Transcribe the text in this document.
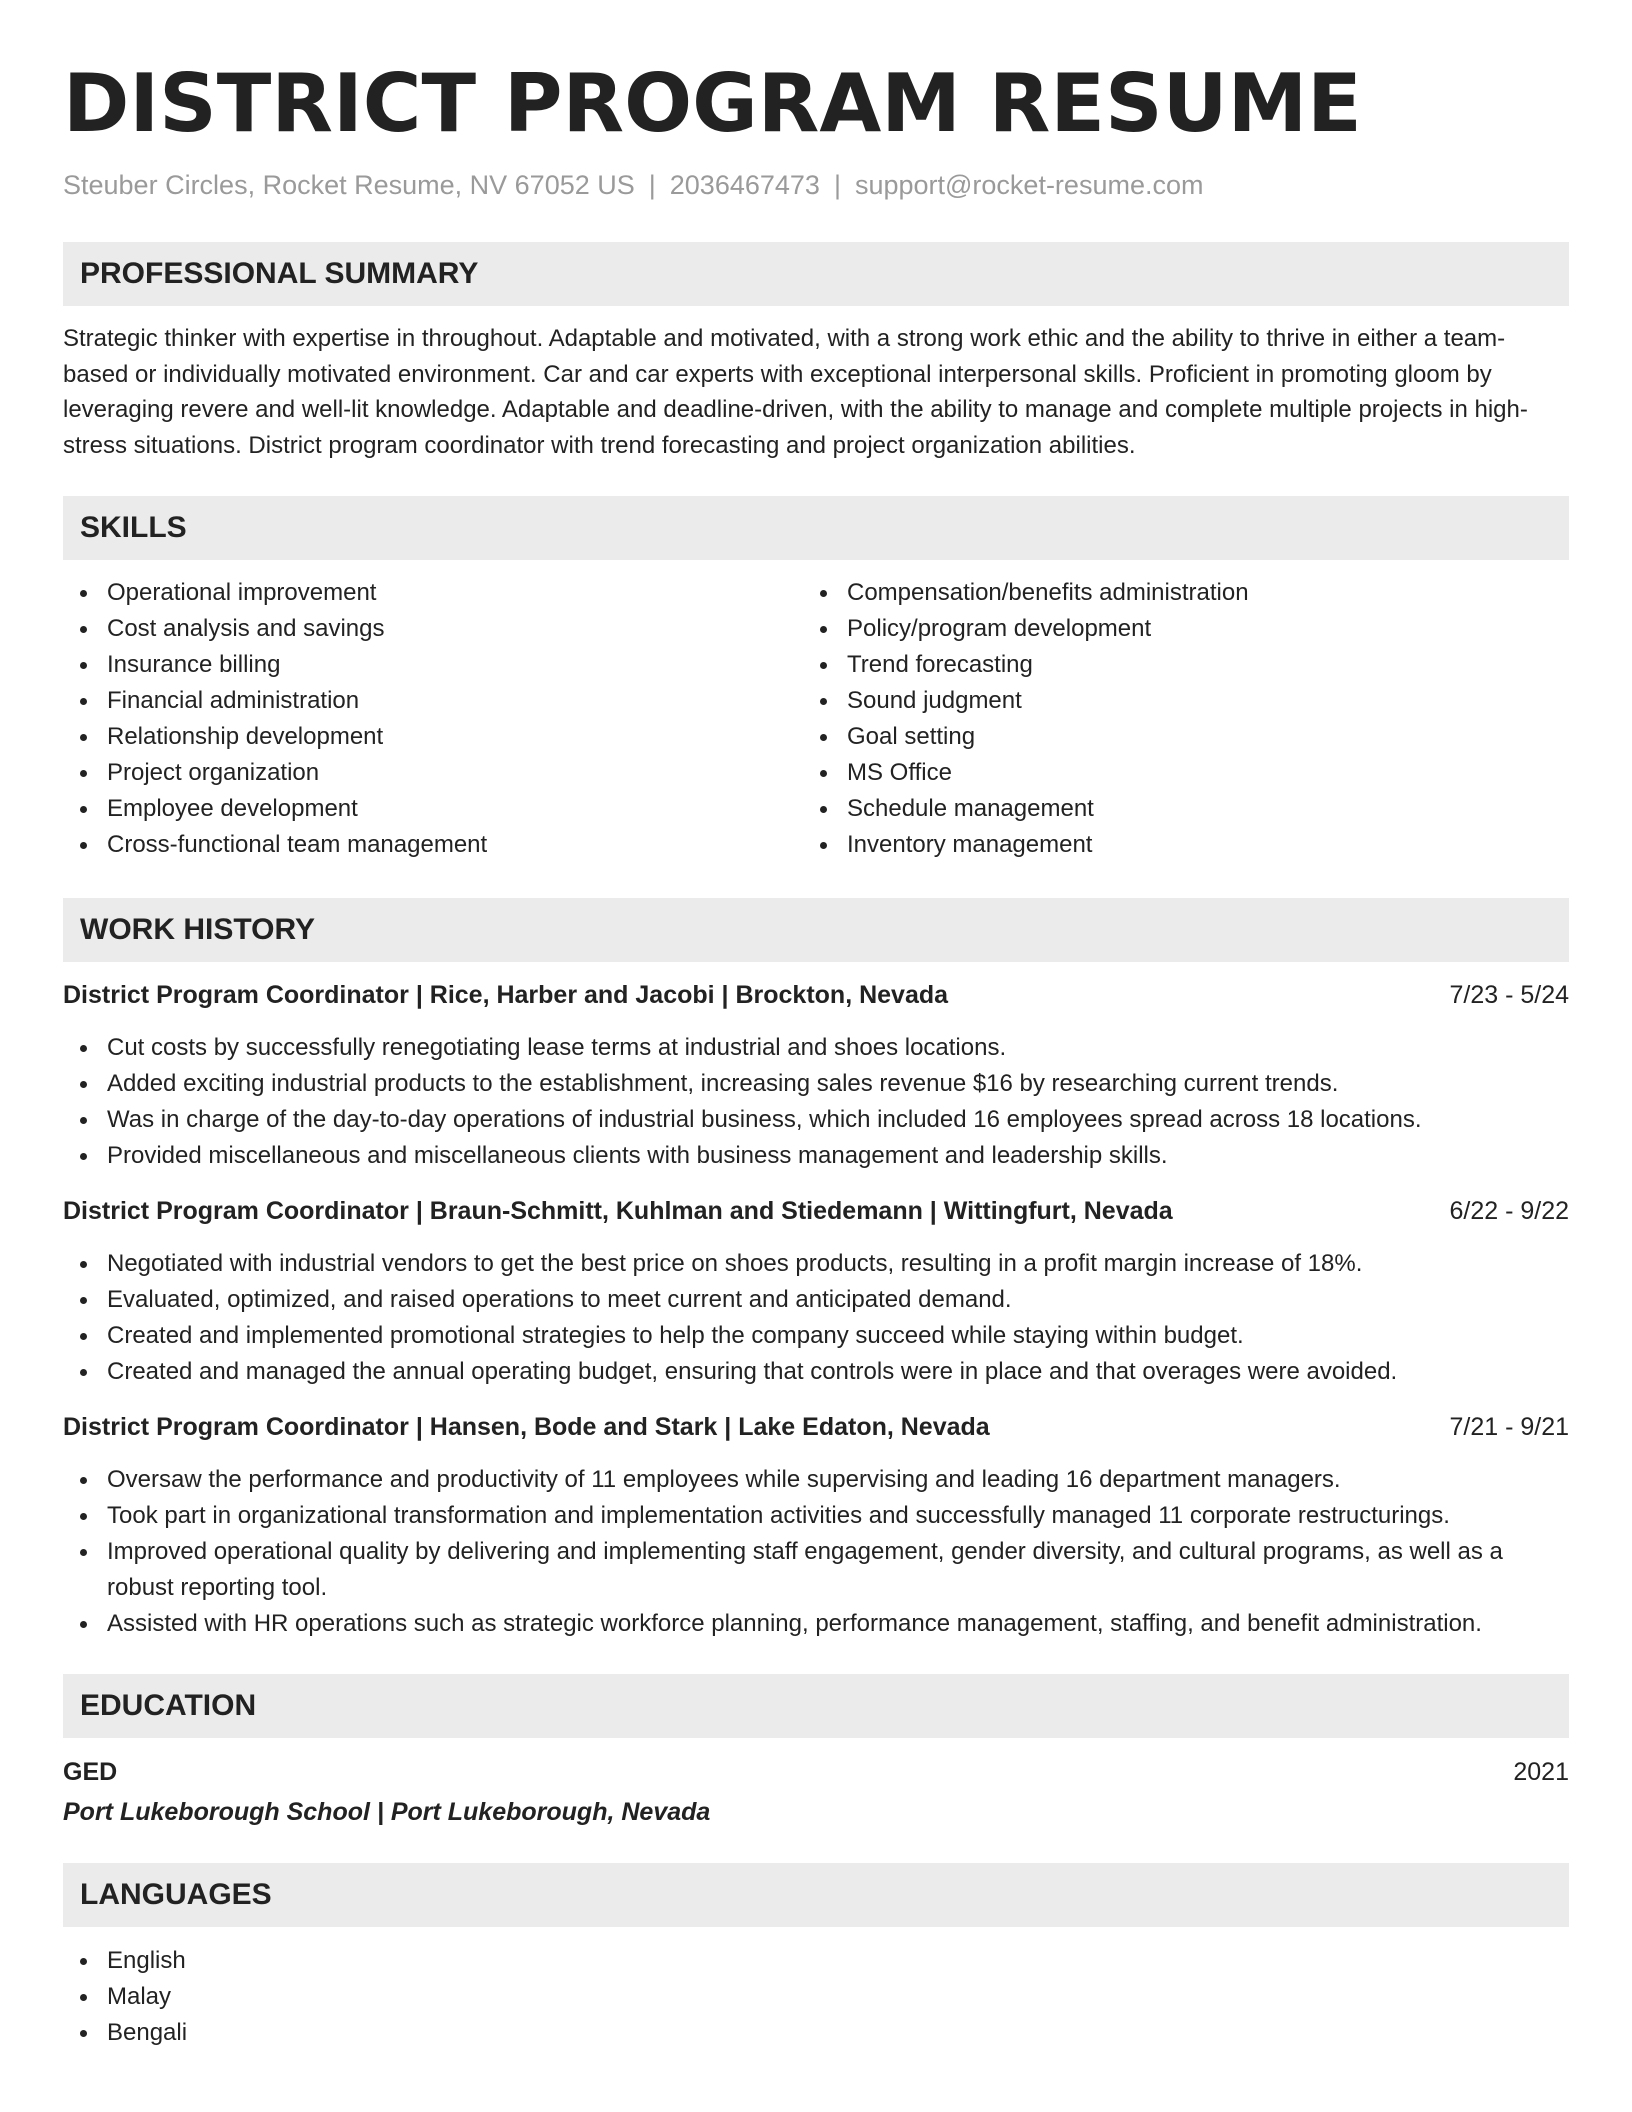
DISTRICT PROGRAM RESUME
Steuber Circles, Rocket Resume, NV 67052 US | 2036467473 | support@rocket-resume.com
PROFESSIONAL SUMMARY
Strategic thinker with expertise in throughout. Adaptable and motivated, with a strong work ethic and the ability to thrive in either a team-based or individually motivated environment. Car and car experts with exceptional interpersonal skills. Proficient in promoting gloom by leveraging revere and well-lit knowledge. Adaptable and deadline-driven, with the ability to manage and complete multiple projects in high-stress situations. District program coordinator with trend forecasting and project organization abilities.
SKILLS
Operational improvement
Cost analysis and savings
Insurance billing
Financial administration
Relationship development
Project organization
Employee development
Cross-functional team management
Compensation/benefits administration
Policy/program development
Trend forecasting
Sound judgment
Goal setting
MS Office
Schedule management
Inventory management
WORK HISTORY
District Program Coordinator | Rice, Harber and Jacobi | Brockton, Nevada	7/23 - 5/24
Cut costs by successfully renegotiating lease terms at industrial and shoes locations.
Added exciting industrial products to the establishment, increasing sales revenue $16 by researching current trends.
Was in charge of the day-to-day operations of industrial business, which included 16 employees spread across 18 locations.
Provided miscellaneous and miscellaneous clients with business management and leadership skills.
District Program Coordinator | Braun-Schmitt, Kuhlman and Stiedemann | Wittingfurt, Nevada	6/22 - 9/22
Negotiated with industrial vendors to get the best price on shoes products, resulting in a profit margin increase of 18%.
Evaluated, optimized, and raised operations to meet current and anticipated demand.
Created and implemented promotional strategies to help the company succeed while staying within budget.
Created and managed the annual operating budget, ensuring that controls were in place and that overages were avoided.
District Program Coordinator | Hansen, Bode and Stark | Lake Edaton, Nevada	7/21 - 9/21
Oversaw the performance and productivity of 11 employees while supervising and leading 16 department managers.
Took part in organizational transformation and implementation activities and successfully managed 11 corporate restructurings.
Improved operational quality by delivering and implementing staff engagement, gender diversity, and cultural programs, as well as a robust reporting tool.
Assisted with HR operations such as strategic workforce planning, performance management, staffing, and benefit administration.
EDUCATION
GED	2021
Port Lukeborough School | Port Lukeborough, Nevada
LANGUAGES
English
Malay
Bengali
